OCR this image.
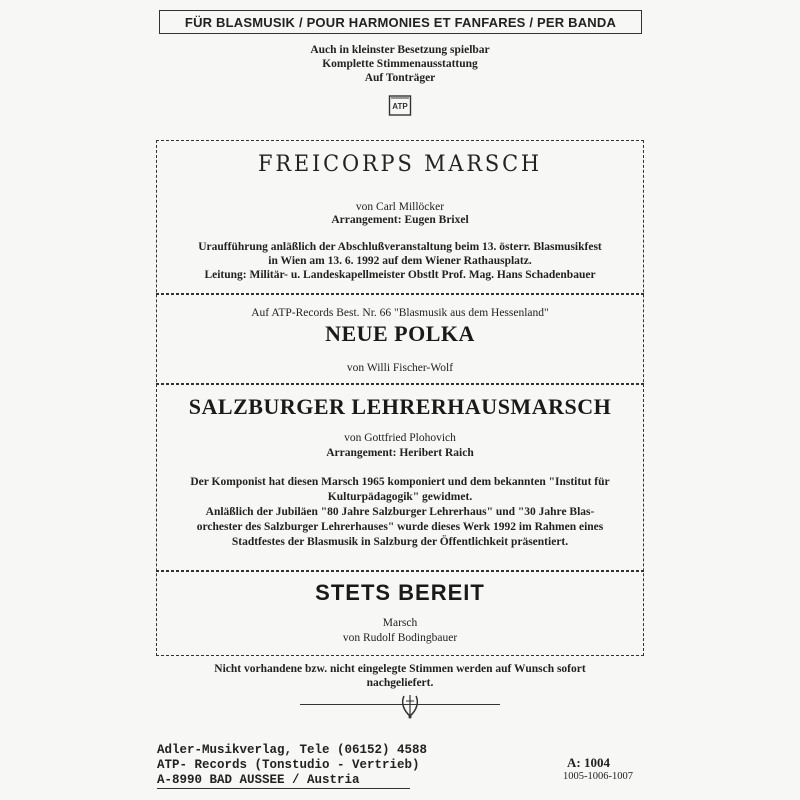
FÜR BLASMUSIK / POUR HARMONIES ET FANFARES / PER BANDA
Auch in kleinster Besetzung spielbar
Komplette Stimmenausstattung
Auf Tonträger
ATP
FREICORPS MARSCH
von Carl Millöcker
Arrangement: Eugen Brixel
Uraufführung anläßlich der Abschlußveranstaltung beim 13. österr. Blasmusikfest
in Wien am 13. 6. 1992 auf dem Wiener Rathausplatz.
Leitung: Militär- u. Landeskapellmeister Obstlt Prof. Mag. Hans Schadenbauer
Auf ATP-Records Best. Nr. 66 "Blasmusik aus dem Hessenland"
NEUE POLKA
von Willi Fischer-Wolf
SALZBURGER LEHRERHAUSMARSCH
von Gottfried Plohovich
Arrangement: Heribert Raich
Der Komponist hat diesen Marsch 1965 komponiert und dem bekannten "Institut für
Kulturpädagogik" gewidmet.
Anläßlich der Jubiläen "80 Jahre Salzburger Lehrerhaus" und "30 Jahre Blas-
orchester des Salzburger Lehrerhauses" wurde dieses Werk 1992 im Rahmen eines
Stadtfestes der Blasmusik in Salzburg der Öffentlichkeit präsentiert.
STETS BEREIT
Marsch
von Rudolf Bodingbauer
Nicht vorhandene bzw. nicht eingelegte Stimmen werden auf Wunsch sofort
nachgeliefert.
Adler-Musikverlag, Tele (06152) 4588
ATP- Records (Tonstudio - Vertrieb)
A-8990 BAD AUSSEE / Austria
A: 1004
1005-1006-1007
